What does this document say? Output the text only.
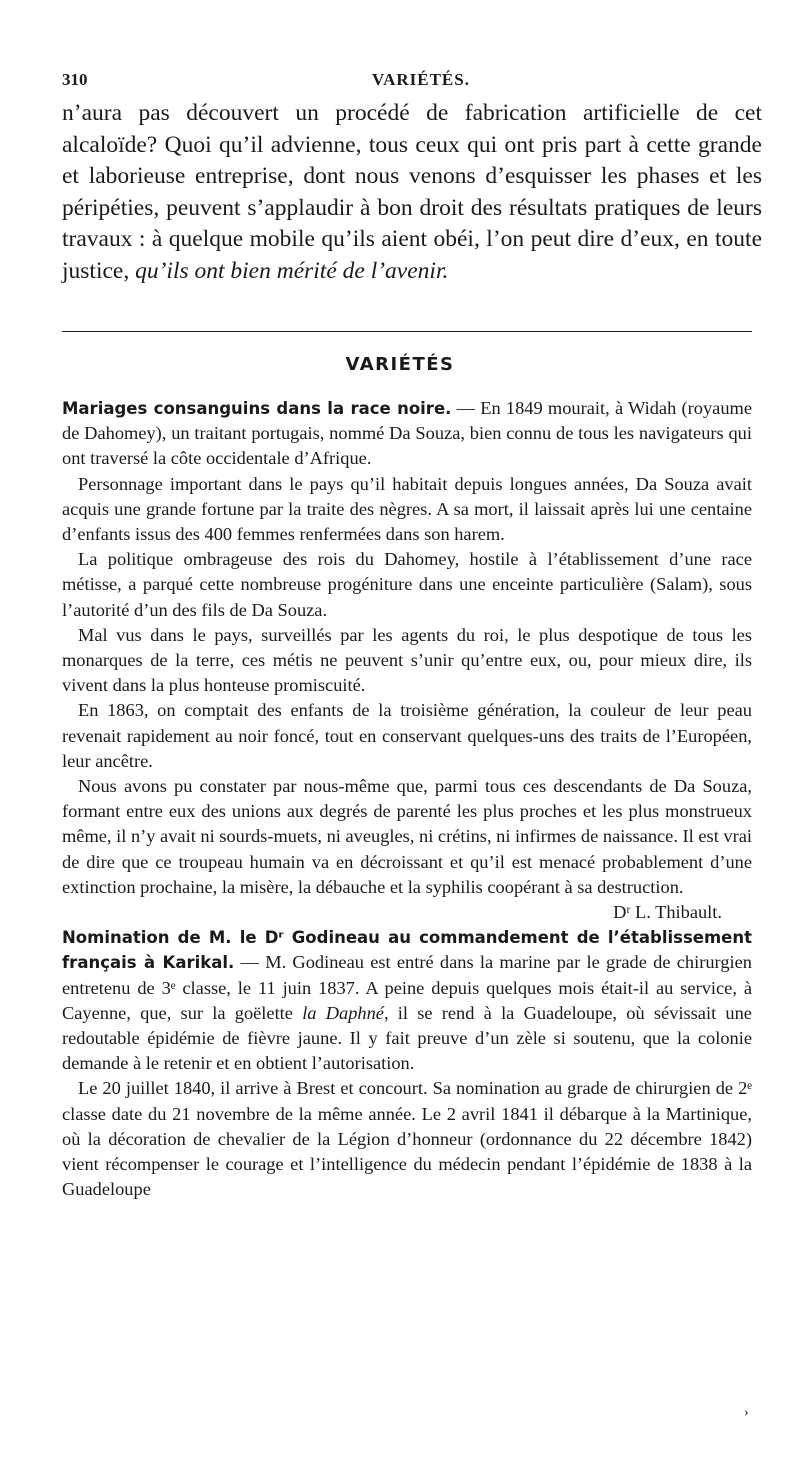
310	VARIÉTÉS.

n’aura pas découvert un procédé de fabrication artificielle de cet alcaloïde? Quoi qu’il advienne, tous ceux qui ont pris part à cette grande et laborieuse entreprise, dont nous venons d’esquisser les phases et les péripéties, peuvent s’applaudir à bon droit des résultats pratiques de leurs travaux : à quelque mobile qu’ils aient obéi, l’on peut dire d’eux, en toute justice, qu’ils ont bien mérité de l’avenir.

VARIÉTÉS

Mariages consanguins dans la race noire. — En 1849 mourait, à Widah (royaume de Dahomey), un traitant portugais, nommé Da Souza, bien connu de tous les navigateurs qui ont traversé la côte occidentale d’Afrique.

Personnage important dans le pays qu’il habitait depuis longues années, Da Souza avait acquis une grande fortune par la traite des nègres. A sa mort, il laissait après lui une centaine d’enfants issus des 400 femmes renfermées dans son harem.

La politique ombrageuse des rois du Dahomey, hostile à l’établissement d’une race métisse, a parqué cette nombreuse progéniture dans une enceinte particulière (Salam), sous l’autorité d’un des fils de Da Souza.

Mal vus dans le pays, surveillés par les agents du roi, le plus despotique de tous les monarques de la terre, ces métis ne peuvent s’unir qu’entre eux, ou, pour mieux dire, ils vivent dans la plus honteuse promiscuité.

En 1863, on comptait des enfants de la troisième génération, la couleur de leur peau revenait rapidement au noir foncé, tout en conservant quelques-uns des traits de l’Européen, leur ancêtre.

Nous avons pu constater par nous-même que, parmi tous ces descendants de Da Souza, formant entre eux des unions aux degrés de parenté les plus proches et les plus monstrueux même, il n’y avait ni sourds-muets, ni aveugles, ni crétins, ni infirmes de naissance. Il est vrai de dire que ce troupeau humain va en décroissant et qu’il est menacé probablement d’une extinction prochaine, la misère, la débauche et la syphilis coopérant à sa destruction.
Dʳ L. Thibault.

Nomination de M. le Dʳ Godineau au commandement de l’établissement français à Karikal. — M. Godineau est entré dans la marine par le grade de chirurgien entretenu de 3ᵉ classe, le 11 juin 1837. A peine depuis quelques mois était-il au service, à Cayenne, que, sur la goëlette la Daphné, il se rend à la Guadeloupe, où sévissait une redoutable épidémie de fièvre jaune. Il y fait preuve d’un zèle si soutenu, que la colonie demande à le retenir et en obtient l’autorisation.

Le 20 juillet 1840, il arrive à Brest et concourt. Sa nomination au grade de chirurgien de 2ᵉ classe date du 21 novembre de la même année. Le 2 avril 1841 il débarque à la Martinique, où la décoration de chevalier de la Légion d’honneur (ordonnance du 22 décembre 1842) vient récompenser le courage et l’intelligence du médecin pendant l’épidémie de 1838 à la Guadeloupe

›
